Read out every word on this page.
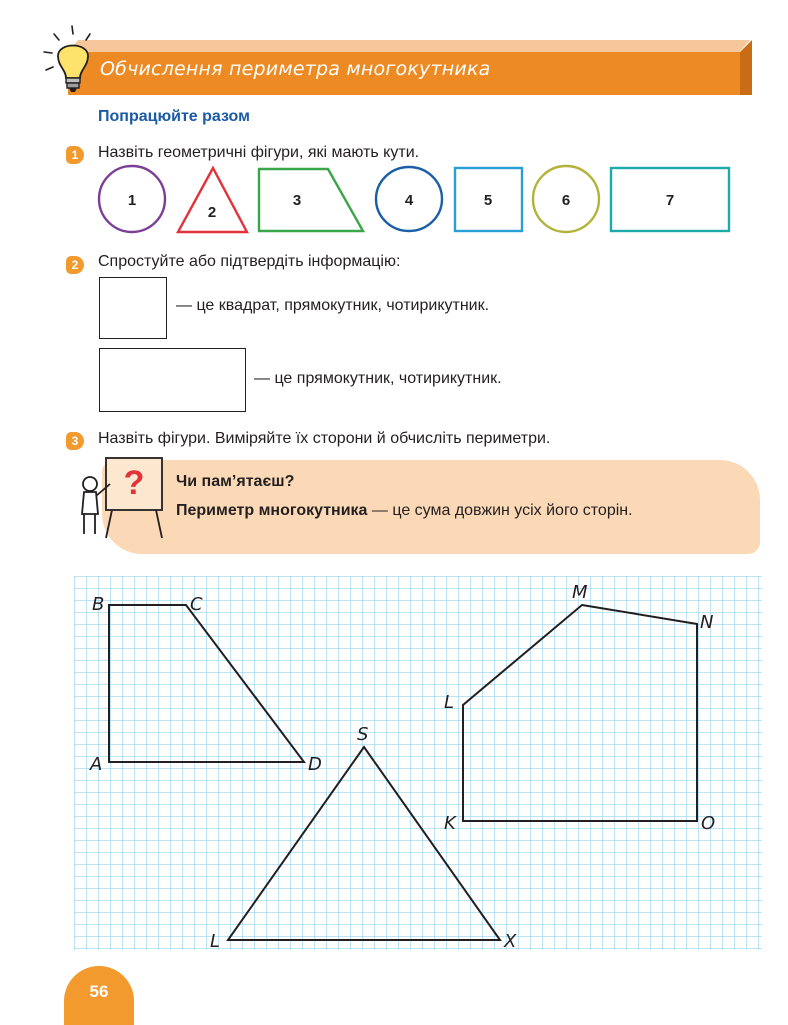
Обчислення периметра многокутника
Попрацюйте разом
1	Назвіть геометричні фігури, які мають кути.
1
2
3	4	5	6	7
2	Спростуйте або підтвердіть інформацію:
— це квадрат, прямокутник, чотирикутник.
— це прямокутник, чотирикутник.
3	Назвіть фігури. Виміряйте їх сторони й обчисліть периметри.
? Чи пам’ятаєш?
Периметр многокутника — це сума довжин усіх його сторін.
B	C
A	D
S
L	X
M
N
L
K	O
56
